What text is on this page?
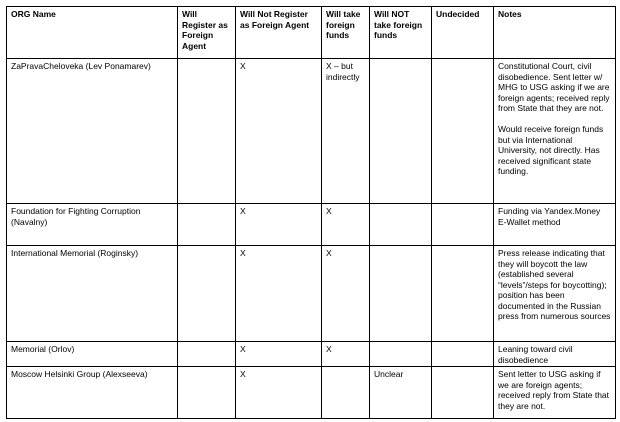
ORG Name	Will Register as Foreign Agent	Will Not Register as Foreign Agent	Will take foreign funds	Will NOT take foreign funds	Undecided	Notes
ZaPravaCheloveka (Lev Ponamarev)		X	X – but indirectly			Constitutional Court, civil disobedience. Sent letter w/ MHG to USG asking if we are foreign agents; received reply from State that they are not.

Would receive foreign funds but via International University, not directly. Has received significant state funding.

Foundation for Fighting Corruption (Navalny)		X	X			Funding via Yandex.Money E-Wallet method

International Memorial (Roginsky)		X	X			Press release indicating that they will boycott the law (established several “levels”/steps for boycotting); position has been documented in the Russian press from numerous sources

Memorial (Orlov)		X	X			Leaning toward civil disobedience

Moscow Helsinki Group (Alexseeva)		X		Unclear		Sent letter to USG asking if we are foreign agents; received reply from State that they are not.
